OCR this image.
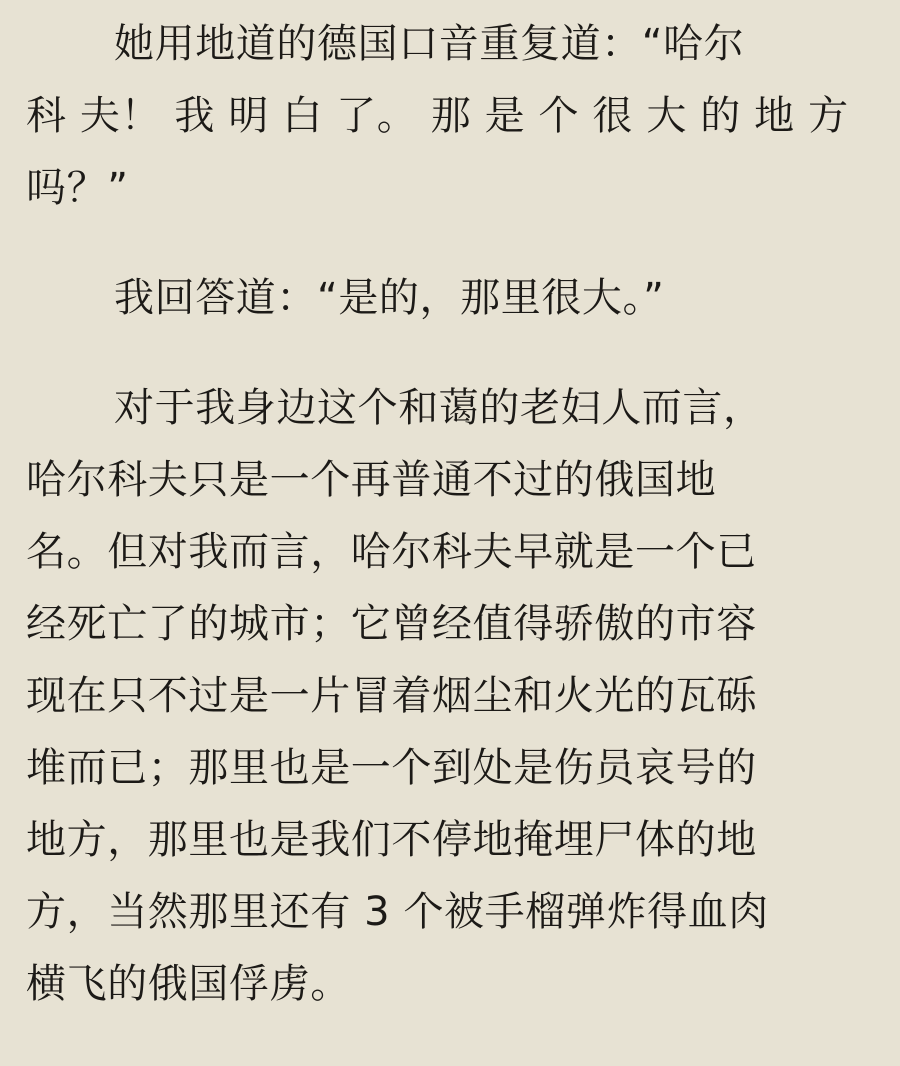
她用地道的德国口音重复道：“哈尔
科 夫！ 我 明 白 了。 那 是 个 很 大 的 地 方
吗？”
我回答道：“是的，那里很大。”
对于我身边这个和蔼的老妇人而言，
哈尔科夫只是一个再普通不过的俄国地
名。但对我而言，哈尔科夫早就是一个已
经死亡了的城市；它曾经值得骄傲的市容
现在只不过是一片冒着烟尘和火光的瓦砾
堆而已；那里也是一个到处是伤员哀号的
地方，那里也是我们不停地掩埋尸体的地
方，当然那里还有 3 个被手榴弹炸得血肉
横飞的俄国俘虏。
